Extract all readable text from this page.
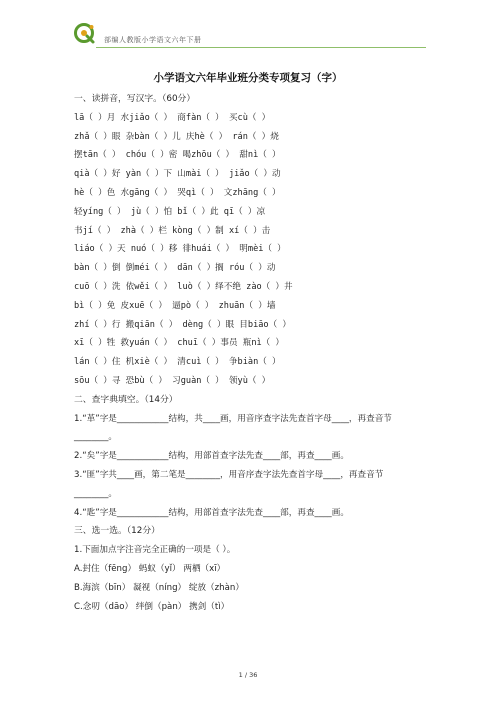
部编人教版小学语文六年下册
小学语文六年毕业班分类专项复习（字）
一、读拼音，写汉字。（60分）
lā（ ）月 水jiǎo（ ） 商fàn（ ） 买cù（ ）
zhǎ（ ）眼 杂bàn（ ）儿 庆hè（ ） rán（ ）烧
摆tān（ ） chóu（ ）密 喝zhōu（ ） 甜nì（ ）
qià（ ）好 yàn（ ）下 山mài（ ） jiǎo（ ）动
hè（ ）色 水gāng（ ） 哭qì（ ） 文zhāng（ ）
轻yíng（ ） jù（ ）怕 bǐ（ ）此 qī（ ）凉
书jí（ ） zhà（ ）栏 kòng（ ）制 xí（ ）击
liáo（ ）天 nuó（ ）移 徘huái（ ） 明mèi（ ）
bàn（ ）倒 倒méi（ ） dān（ ）搁 róu（ ）动
cuō（ ）洗 依wěi（ ） luò（ ）绎不绝 zào（ ）井
bì（ ）免 皮xuē（ ） 逼pò（ ） zhuān（ ）墙
zhí（ ）行 搬qiān（ ） dèng（ ）眼 目biāo（ ）
xī（ ）牲 救yuán（ ） chuī（ ）事员 瓶nì（ ）
lán（ ）住 机xiè（ ） 清cuì（ ） 争biàn（ ）
sōu（ ）寻 恐bù（ ） 习guàn（ ） 领yù（ ）
二、查字典填空。（14分）
1.“革”字是____________结构，共____画，用音序查字法先查首字母____，再查音节________。
2.“矣”字是____________结构，用部首查字法先查____部，再查____画。
3.“匪”字共____画，第二笔是________，用音序查字法先查首字母____，再查音节________。
4.“匙”字是____________结构，用部首查字法先查____部，再查____画。
三、选一选。（12分）
1.下面加点字注音完全正确的一项是（ ）。
A.封住（fēng） 蚂蚁（yǐ） 两栖（xī）
B.海滨（bīn） 凝视（níng） 绽放（zhàn）
C.念叨（dāo） 绊倒（pàn） 携剑（tì）
1 / 36
